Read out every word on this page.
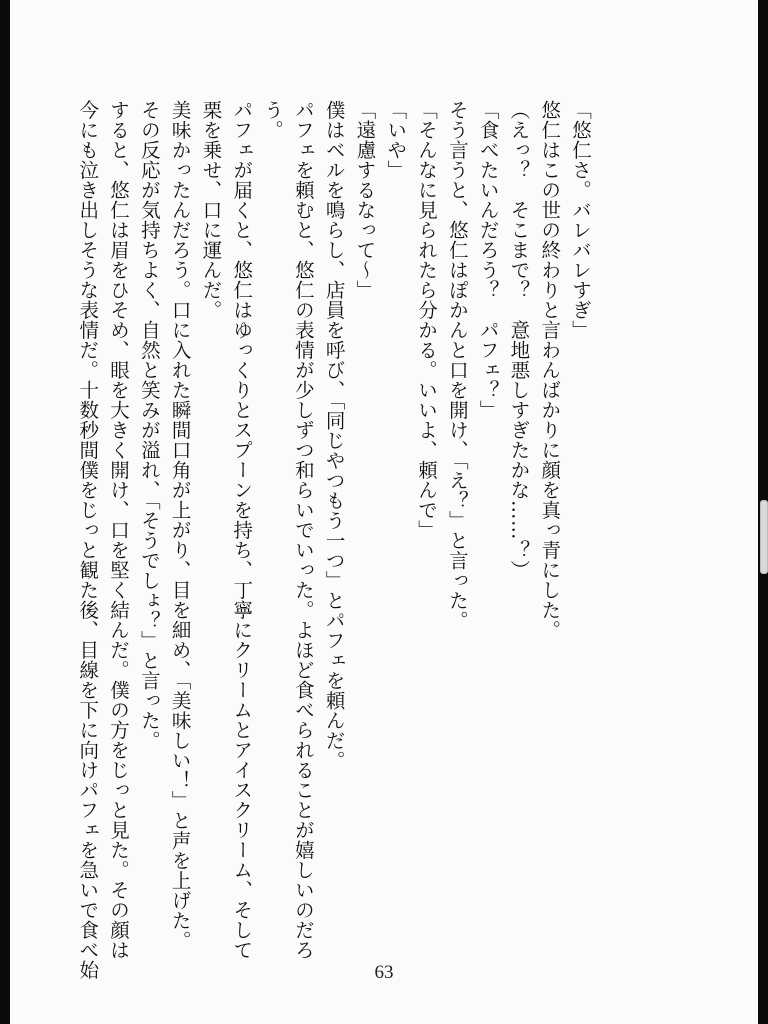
「悠仁さ。バレバレすぎ」
悠仁はこの世の終わりと言わんばかりに顔を真っ青にした。
（えっ？　そこまで？　意地悪しすぎたかな……？）
「食べたいんだろう？　パフェ？」
そう言うと、悠仁はぽかんと口を開け、「え？」と言った。
「そんなに見られたら分かる。いいよ、頼んで」
「いや」
「遠慮するなって〜」
僕はベルを鳴らし、店員を呼び、「同じやつもう一つ」とパフェを頼んだ。
パフェを頼むと、悠仁の表情が少しずつ和らいでいった。よほど食べられることが嬉しいのだろ
う。
パフェが届くと、悠仁はゆっくりとスプーンを持ち、丁寧にクリームとアイスクリーム、そして
栗を乗せ、口に運んだ。
美味かったんだろう。口に入れた瞬間口角が上がり、目を細め、「美味しい！」と声を上げた。
その反応が気持ちよく、自然と笑みが溢れ、「そうでしょ？」と言った。
すると、悠仁は眉をひそめ、眼を大きく開け、口を堅く結んだ。僕の方をじっと見た。その顔は
今にも泣き出しそうな表情だ。十数秒間僕をじっと観た後、目線を下に向けパフェを急いで食べ始	63
